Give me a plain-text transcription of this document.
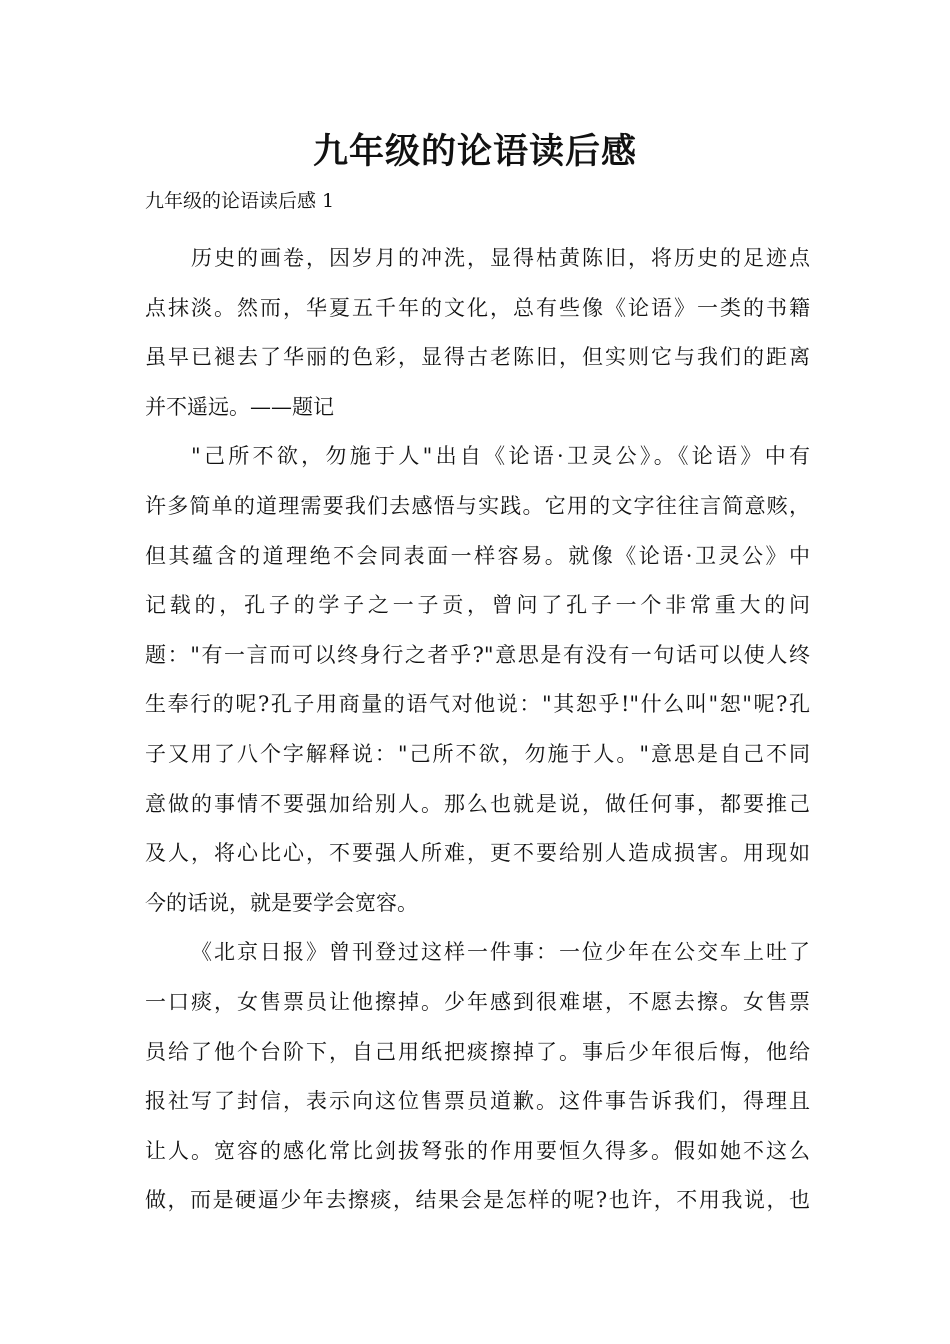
九年级的论语读后感

九年级的论语读后感 1

历史的画卷，因岁月的冲洗，显得枯黄陈旧，将历史的足迹点
点抹淡。然而，华夏五千年的文化，总有些像《论语》一类的书籍
虽早已褪去了华丽的色彩，显得古老陈旧，但实则它与我们的距离
并不遥远。——题记

"己所不欲，勿施于人"出自《论语·卫灵公》。《论语》中有
许多简单的道理需要我们去感悟与实践。它用的文字往往言简意赅，
但其蕴含的道理绝不会同表面一样容易。就像《论语·卫灵公》中
记载的，孔子的学子之一子贡，曾问了孔子一个非常重大的问
题："有一言而可以终身行之者乎?"意思是有没有一句话可以使人终
生奉行的呢?孔子用商量的语气对他说："其恕乎!"什么叫"恕"呢?孔
子又用了八个字解释说："己所不欲，勿施于人。"意思是自己不同
意做的事情不要强加给别人。那么也就是说，做任何事，都要推己
及人，将心比心，不要强人所难，更不要给别人造成损害。用现如
今的话说，就是要学会宽容。

《北京日报》曾刊登过这样一件事：一位少年在公交车上吐了
一口痰，女售票员让他擦掉。少年感到很难堪，不愿去擦。女售票
员给了他个台阶下，自己用纸把痰擦掉了。事后少年很后悔，他给
报社写了封信，表示向这位售票员道歉。这件事告诉我们，得理且
让人。宽容的感化常比剑拔弩张的作用要恒久得多。假如她不这么
做，而是硬逼少年去擦痰，结果会是怎样的呢?也许，不用我说，也
